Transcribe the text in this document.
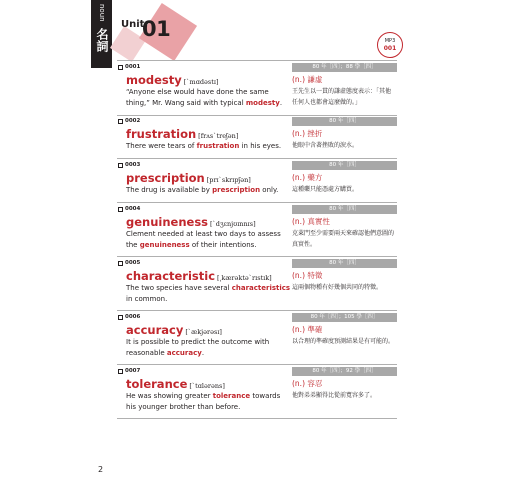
noun
名詞
Unit
01	MP3
001
0001
modesty [ˋmɑdəstɪ]
“Anyone else would have done the same thing,” Mr. Wang said with typical modesty.
80 年［四］；88 學［四］
(n.) 謙虛
王先生以一貫的謙虛態度表示：「其他任何人也都會這麼做的。」
0002
frustration [frʌsˋtreʃən]
There were tears of frustration in his eyes.
80 年［四］
(n.) 挫折
他眼中含著挫敗的淚水。
0003
prescription [prɪˋskrɪpʃən]
The drug is available by prescription only.
80 年［四］
(n.) 藥方
這種藥只能憑處方購買。
0004
genuineness [ˋdʒɛnjʊɪnnɪs]
Clement needed at least two days to assess the genuineness of their intentions.
80 年［四］
(n.) 真實性
克萊門至少需要兩天來確認他們意圖的真實性。
0005
characteristic [͵kærəktəˋrɪstɪk]
The two species have several characteristics in common.
80 年［四］
(n.) 特徵
這兩個物種有好幾個共同的特徵。
0006
accuracy [ˋækjərəsɪ]
It is possible to predict the outcome with reasonable accuracy.
80 年［四］；105 學［四］
(n.) 準確
以合理的準確度預測結果是有可能的。
0007
tolerance [ˋtɑlərəns]
He was showing greater tolerance towards his younger brother than before.
80 年［四］；92 學［四］
(n.) 容忍
他對弟弟顯得比從前寬容多了。
2
